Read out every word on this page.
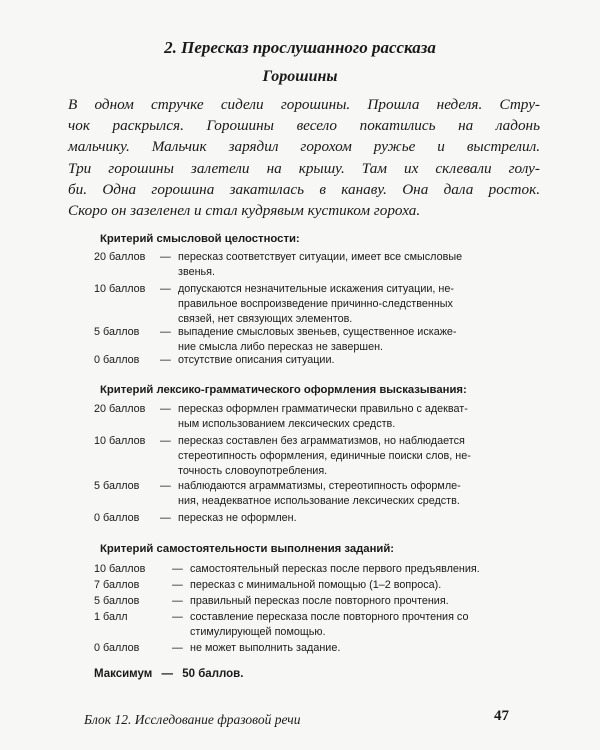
2. Пересказ прослушанного рассказа
Горошины
В одном стручке сидели горошины. Прошла неделя. Стру-
чок раскрылся. Горошины весело покатились на ладонь
мальчику. Мальчик зарядил горохом ружье и выстрелил.
Три горошины залетели на крышу. Там их склевали голу-
би. Одна горошина закатилась в канаву. Она дала росток.
Скоро он зазеленел и стал кудрявым кустиком гороха.
Критерий смысловой целостности:
20 баллов — пересказ соответствует ситуации, имеет все смысловые
звенья.
10 баллов — допускаются незначительные искажения ситуации, не-
правильное воспроизведение причинно-следственных
связей, нет связующих элементов.
5 баллов — выпадение смысловых звеньев, существенное искаже-
ние смысла либо пересказ не завершен.
0 баллов — отсутствие описания ситуации.
Критерий лексико-грамматического оформления высказывания:
20 баллов — пересказ оформлен грамматически правильно с адекват-
ным использованием лексических средств.
10 баллов — пересказ составлен без аграмматизмов, но наблюдается
стереотипность оформления, единичные поиски слов, не-
точность словоупотребления.
5 баллов — наблюдаются аграмматизмы, стереотипность оформле-
ния, неадекватное использование лексических средств.
0 баллов — пересказ не оформлен.
Критерий самостоятельности выполнения заданий:
10 баллов — самостоятельный пересказ после первого предъявления.
7 баллов	— пересказ с минимальной помощью (1–2 вопроса).
5 баллов	— правильный пересказ после повторного прочтения.
1 балл	— составление пересказа после повторного прочтения со
стимулирующей помощью.
0 баллов	— не может выполнить задание.
Максимум — 50 баллов.
Блок 12. Исследование фразовой речи	47
